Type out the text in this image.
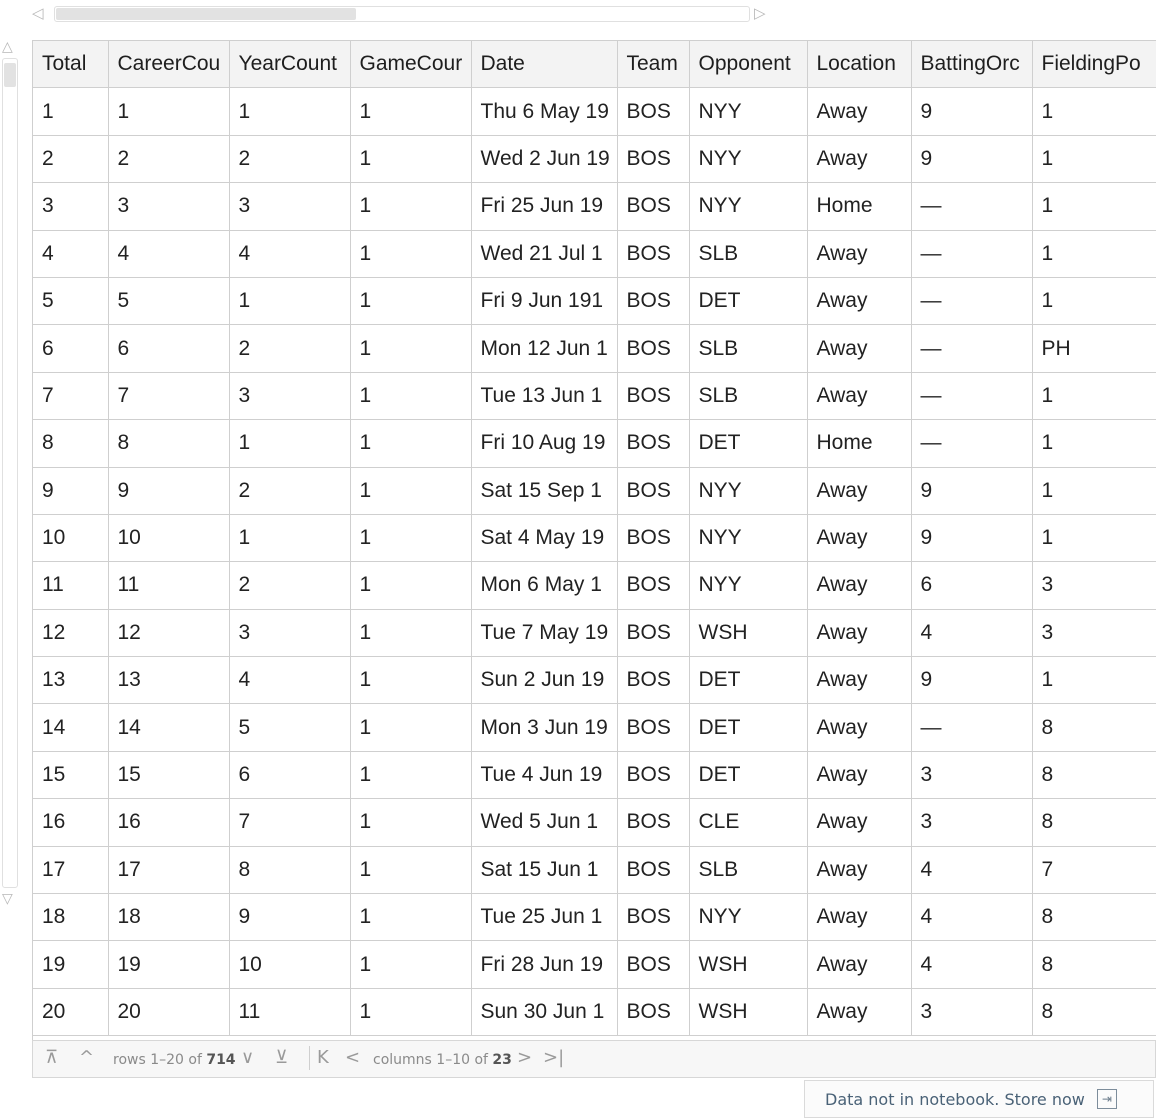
◁	▷
△
▽
Total	CareerCou	YearCount	GameCour	Date	Team	Opponent	Location	BattingOrc	FieldingPo
1	1	1	1	Thu 6 May 19	BOS	NYY	Away	9	1
2	2	2	1	Wed 2 Jun 19	BOS	NYY	Away	9	1
3	3	3	1	Fri 25 Jun 19	BOS	NYY	Home	—	1
4	4	4	1	Wed 21 Jul 1	BOS	SLB	Away	—	1
5	5	1	1	Fri 9 Jun 191	BOS	DET	Away	—	1
6	6	2	1	Mon 12 Jun 1	BOS	SLB	Away	—	PH
7	7	3	1	Tue 13 Jun 1	BOS	SLB	Away	—	1
8	8	1	1	Fri 10 Aug 19	BOS	DET	Home	—	1
9	9	2	1	Sat 15 Sep 1	BOS	NYY	Away	9	1
10	10	1	1	Sat 4 May 19	BOS	NYY	Away	9	1
11	11	2	1	Mon 6 May 1	BOS	NYY	Away	6	3
12	12	3	1	Tue 7 May 19	BOS	WSH	Away	4	3
13	13	4	1	Sun 2 Jun 19	BOS	DET	Away	9	1
14	14	5	1	Mon 3 Jun 19	BOS	DET	Away	—	8
15	15	6	1	Tue 4 Jun 19	BOS	DET	Away	3	8
16	16	7	1	Wed 5 Jun 1	BOS	CLE	Away	3	8
17	17	8	1	Sat 15 Jun 1	BOS	SLB	Away	4	7
18	18	9	1	Tue 25 Jun 1	BOS	NYY	Away	4	8
19	19	10	1	Fri 28 Jun 19	BOS	WSH	Away	4	8
20	20	11	1	Sun 30 Jun 1	BOS	WSH	Away	3	8
⊼ ^ rows 1–20 of 714 ∨ ⊻ K < columns 1–10 of 23 > >|
Data not in notebook. Store now	⇥
